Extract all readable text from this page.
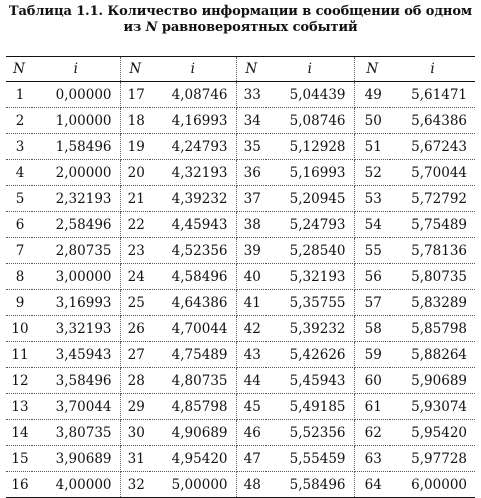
Таблица 1.1. Количество информации в сообщении об одном
из N равновероятных событий
N	i	N	i	N	i	N	i
1	0,00000	17	4,08746	33	5,04439	49	5,61471
2	1,00000	18	4,16993	34	5,08746	50	5,64386
3	1,58496	19	4,24793	35	5,12928	51	5,67243
4	2,00000	20	4,32193	36	5,16993	52	5,70044
5	2,32193	21	4,39232	37	5,20945	53	5,72792
6	2,58496	22	4,45943	38	5,24793	54	5,75489
7	2,80735	23	4,52356	39	5,28540	55	5,78136
8	3,00000	24	4,58496	40	5,32193	56	5,80735
9	3,16993	25	4,64386	41	5,35755	57	5,83289
10	3,32193	26	4,70044	42	5,39232	58	5,85798
11	3,45943	27	4,75489	43	5,42626	59	5,88264
12	3,58496	28	4,80735	44	5,45943	60	5,90689
13	3,70044	29	4,85798	45	5,49185	61	5,93074
14	3,80735	30	4,90689	46	5,52356	62	5,95420
15	3,90689	31	4,95420	47	5,55459	63	5,97728
16	4,00000	32	5,00000	48	5,58496	64	6,00000
